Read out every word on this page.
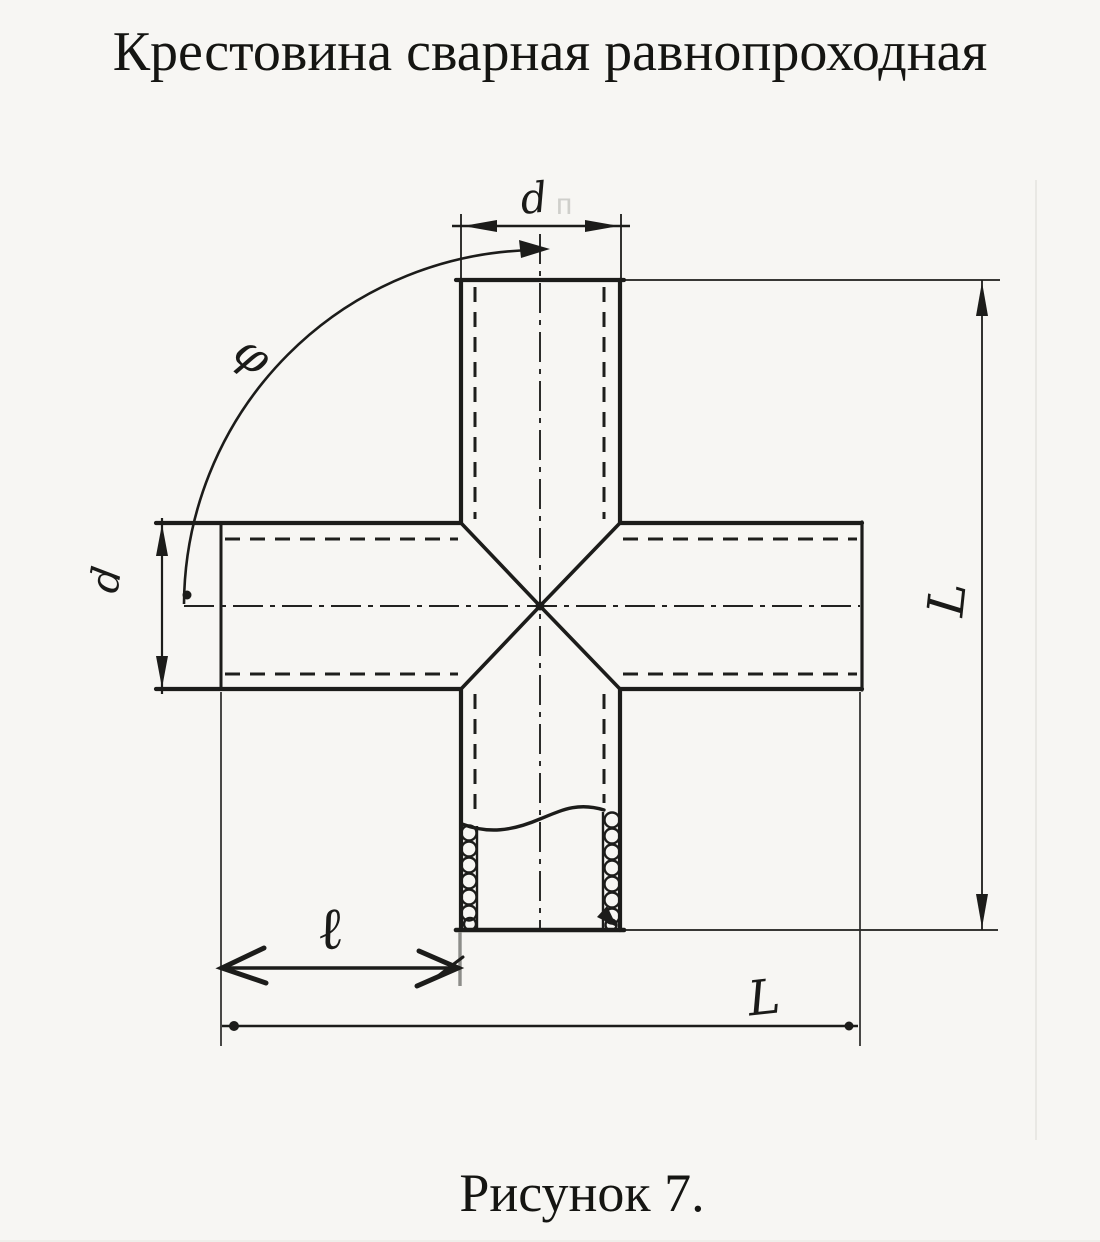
Крестовина сварная равнопроходная
d п
φ
d
L
ℓ
L
Рисунок 7.
